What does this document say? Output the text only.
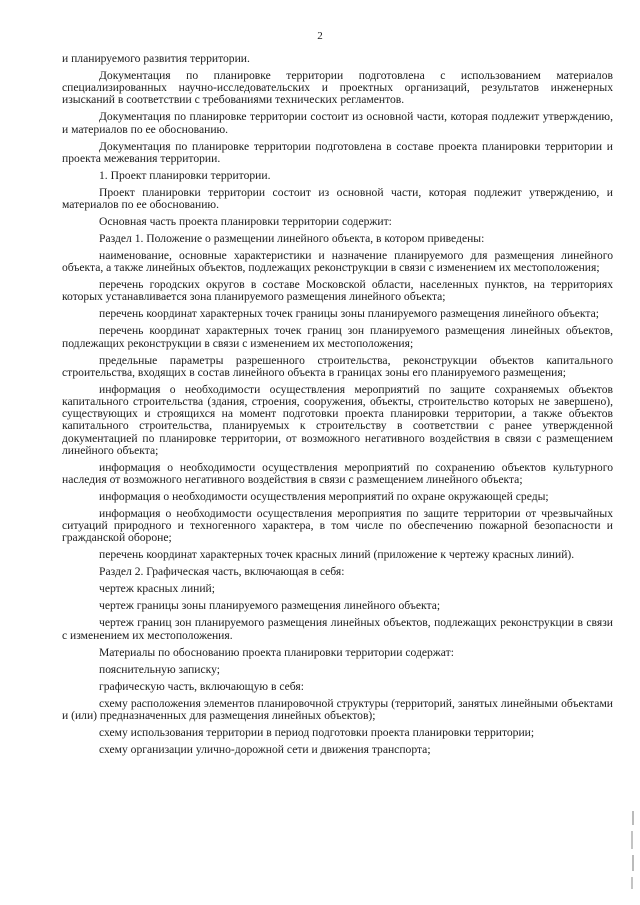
2

и планируемого развития территории.

Документация по планировке территории подготовлена с использованием материалов специализированных научно-исследовательских и проектных организаций, результатов инженерных изысканий в соответствии с требованиями технических регламентов.

Документация по планировке территории состоит из основной части, которая подлежит утверждению, и материалов по ее обоснованию.

Документация по планировке территории подготовлена в составе проекта планировки территории и проекта межевания территории.

1. Проект планировки территории.

Проект планировки территории состоит из основной части, которая подлежит утверждению, и материалов по ее обоснованию.

Основная часть проекта планировки территории содержит:

Раздел 1. Положение о размещении линейного объекта, в котором приведены:

наименование, основные характеристики и назначение планируемого для размещения линейного объекта, а также линейных объектов, подлежащих реконструкции в связи с изменением их местоположения;

перечень городских округов в составе Московской области, населенных пунктов, на территориях которых устанавливается зона планируемого размещения линейного объекта;

перечень координат характерных точек границы зоны планируемого размещения линейного объекта;

перечень координат характерных точек границ зон планируемого размещения линейных объектов, подлежащих реконструкции в связи с изменением их местоположения;

предельные параметры разрешенного строительства, реконструкции объектов капитального строительства, входящих в состав линейного объекта в границах зоны его планируемого размещения;

информация о необходимости осуществления мероприятий по защите сохраняемых объектов капитального строительства (здания, строения, сооружения, объекты, строительство которых не завершено), существующих и строящихся на момент подготовки проекта планировки территории, а также объектов капитального строительства, планируемых к строительству в соответствии с ранее утвержденной документацией по планировке территории, от возможного негативного воздействия в связи с размещением линейного объекта;

информация о необходимости осуществления мероприятий по сохранению объектов культурного наследия от возможного негативного воздействия в связи с размещением линейного объекта;

информация о необходимости осуществления мероприятий по охране окружающей среды;

информация о необходимости осуществления мероприятия по защите территории от чрезвычайных ситуаций природного и техногенного характера, в том числе по обеспечению пожарной безопасности и гражданской обороне;

перечень координат характерных точек красных линий (приложение к чертежу красных линий).

Раздел 2. Графическая часть, включающая в себя:

чертеж красных линий;

чертеж границы зоны планируемого размещения линейного объекта;

чертеж границ зон планируемого размещения линейных объектов, подлежащих реконструкции в связи с изменением их местоположения.

Материалы по обоснованию проекта планировки территории содержат:

пояснительную записку;

графическую часть, включающую в себя:

схему расположения элементов планировочной структуры (территорий, занятых линейными объектами и (или) предназначенных для размещения линейных объектов);

схему использования территории в период подготовки проекта планировки территории;

схему организации улично-дорожной сети и движения транспорта;
